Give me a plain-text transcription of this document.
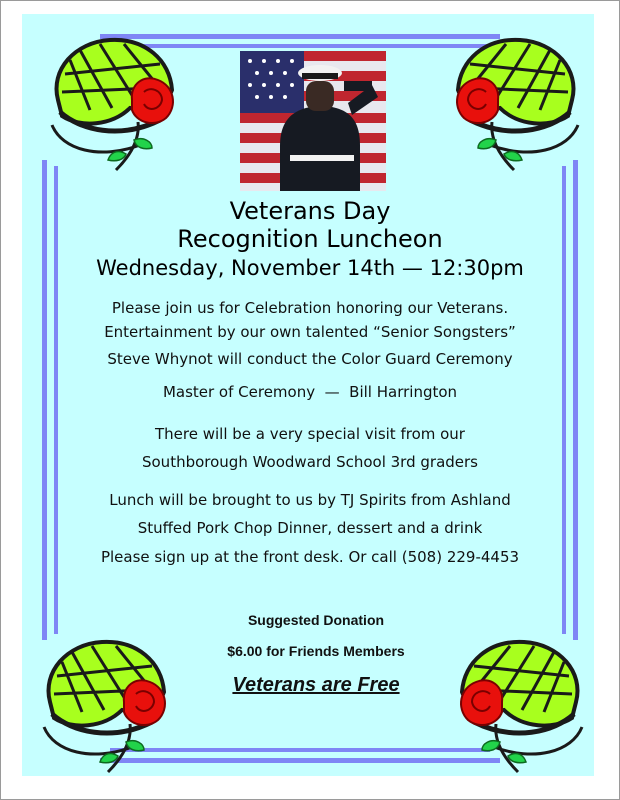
Veterans Day
Recognition Luncheon
Wednesday, November 14th — 12:30pm
Please join us for Celebration honoring our Veterans.
Entertainment by our own talented “Senior Songsters”
Steve Whynot will conduct the Color Guard Ceremony
Master of Ceremony  —  Bill Harrington
There will be a very special visit from our
Southborough Woodward School 3rd graders
Lunch will be brought to us by TJ Spirits from Ashland
Stuffed Pork Chop Dinner, dessert and a drink
Please sign up at the front desk. Or call (508) 229-4453
Suggested Donation
$6.00 for Friends Members
Veterans are Free
